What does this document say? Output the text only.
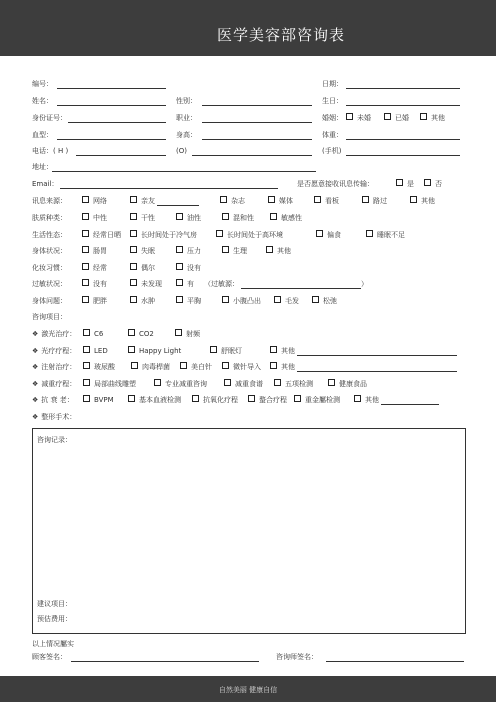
医学美容部咨询表
编号：	日期：
姓名：	性别：	生日：
身份证号：	职业：	婚姻：	未婚	已婚	其他
血型：	身高：	体重：
电话：( H )	(O)	(手机)
地址：
Email：	是否愿意接收讯息传输：	是	否
讯息来源：	网络	亲友	杂志	媒体	看板	路过	其他
肤质种类：	中性	干性	油性	混和性	敏感性
生活性态：	经常日晒	长时间处于冷气房	长时间处于高环境	偏食	睡眠不足
身体状况：	肠胃	失眠	压力	生理	其他
化妆习惯：	经常	偶尔	没有
过敏状况：	没有	未发现	有 （过敏源：	）
身体问题：	肥胖	水肿	平胸	小腹凸出	毛发	松弛
咨询项目：
❖ 激光治疗：	C6	CO2	射频
❖ 光疗疗程：	LED	Happy Light	舒眠灯	其他
❖ 注射治疗：	玻尿酸	肉毒桿菌	美白针	微针导入	其他
❖ 减重疗程：	局部曲线雕塑	专业减重咨询	减重食谱	五项检测	健康食品
❖ 抗 衰 老：	BVPM	基本血液检测	抗氧化疗程	螯合疗程	重金屬检测	其他
❖ 整形手术：
咨询记录：
建议项目：
预估费用：
以上情况屬实
顾客签名：	咨询师签名：
自然美丽 健康自信
